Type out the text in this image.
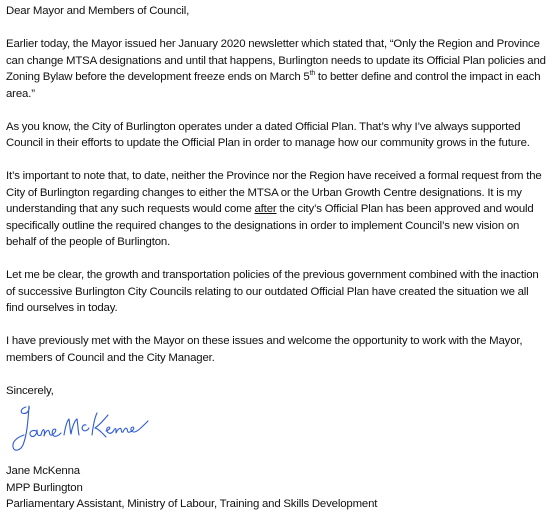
Dear Mayor and Members of Council,

Earlier today, the Mayor issued her January 2020 newsletter which stated that, “Only the Region and Province can change MTSA designations and until that happens, Burlington needs to update its Official Plan policies and Zoning Bylaw before the development freeze ends on March 5th to better define and control the impact in each area.”

As you know, the City of Burlington operates under a dated Official Plan. That’s why I’ve always supported Council in their efforts to update the Official Plan in order to manage how our community grows in the future.

It’s important to note that, to date, neither the Province nor the Region have received a formal request from the City of Burlington regarding changes to either the MTSA or the Urban Growth Centre designations. It is my understanding that any such requests would come after the city’s Official Plan has been approved and would specifically outline the required changes to the designations in order to implement Council’s new vision on behalf of the people of Burlington.

Let me be clear, the growth and transportation policies of the previous government combined with the inaction of successive Burlington City Councils relating to our outdated Official Plan have created the situation we all find ourselves in today.

I have previously met with the Mayor on these issues and welcome the opportunity to work with the Mayor, members of Council and the City Manager.

Sincerely,

Jane McKenna

MPP Burlington

Parliamentary Assistant, Ministry of Labour, Training and Skills Development
